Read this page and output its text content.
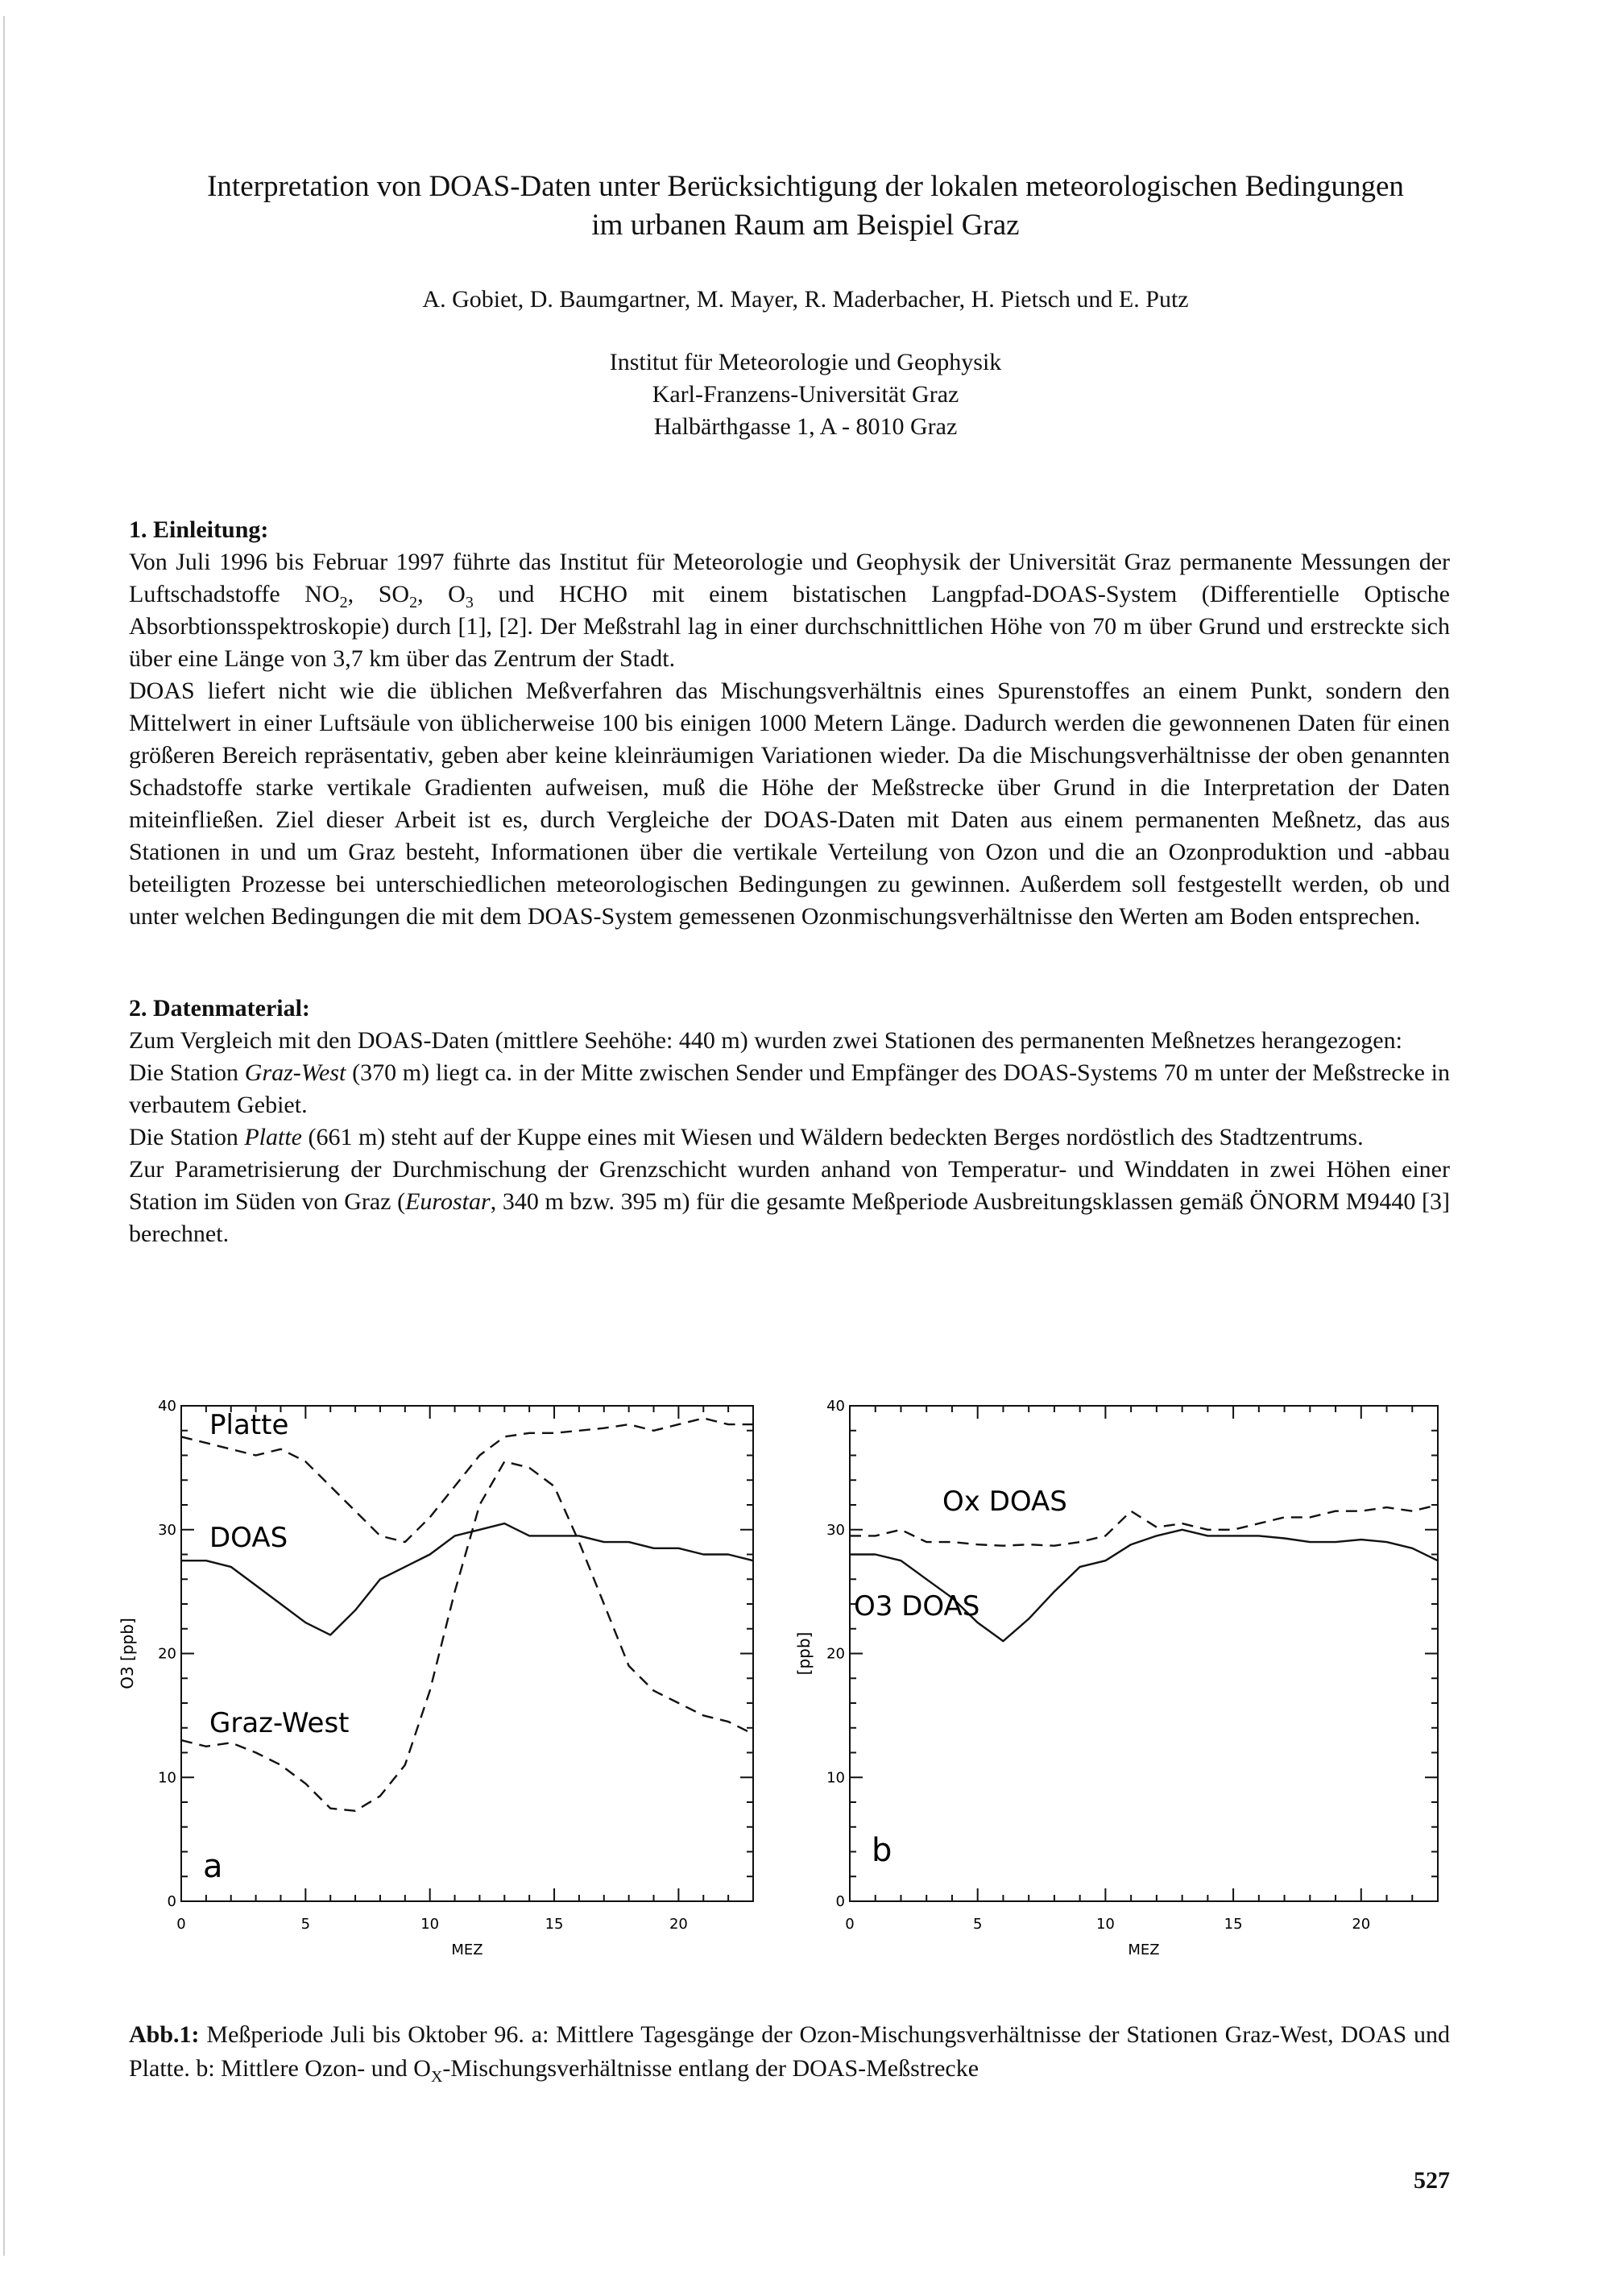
Interpretation von DOAS-Daten unter Berücksichtigung der lokalen meteorologischen Bedingungen
im urbanen Raum am Beispiel Graz
A. Gobiet, D. Baumgartner, M. Mayer, R. Maderbacher, H. Pietsch und E. Putz
Institut für Meteorologie und Geophysik
Karl-Franzens-Universität Graz
Halbärthgasse 1, A - 8010 Graz
1. Einleitung:

Von Juli 1996 bis Februar 1997 führte das Institut für Meteorologie und Geophysik der Universität Graz permanente Messungen der Luftschadstoffe $NO_2$, $SO_2$, $O_3$ und HCHO mit einem bistatischen Langpfad-DOAS-System (Differentielle Optische Absorbtionsspektroskopie) durch [1], [2]. Der Meßstrahl lag in einer durchschnittlichen Höhe von 70 m über Grund und erstreckte sich über eine Länge von 3,7 km über das Zentrum der Stadt.

DOAS liefert nicht wie die üblichen Meßverfahren das Mischungsverhältnis eines Spurenstoffes an einem Punkt, sondern den Mittelwert in einer Luftsäule von üblicherweise 100 bis einigen 1000 Metern Länge. Dadurch werden die gewonnenen Daten für einen größeren Bereich repräsentativ, geben aber keine kleinräumigen Variationen wieder. Da die Mischungsverhältnisse der oben genannten Schadstoffe starke vertikale Gradienten aufweisen, muß die Höhe der Meßstrecke über Grund in die Interpretation der Daten miteinfließen. Ziel dieser Arbeit ist es, durch Vergleiche der DOAS-Daten mit Daten aus einem permanenten Meßnetz, das aus Stationen in und um Graz besteht, Informationen über die vertikale Verteilung von Ozon und die an Ozonproduktion und -abbau beteiligten Prozesse bei unterschiedlichen meteorologischen Bedingungen zu gewinnen. Außerdem soll festgestellt werden, ob und unter welchen Bedingungen die mit dem DOAS-System gemessenen Ozonmischungsverhältnisse den Werten am Boden entsprechen.

2. Datenmaterial:

Zum Vergleich mit den DOAS-Daten (mittlere Seehöhe: 440 m) wurden zwei Stationen des permanenten Meßnetzes herangezogen:

Die Station Graz-West (370 m) liegt ca. in der Mitte zwischen Sender und Empfänger des DOAS-Systems 70 m unter der Meßstrecke in verbautem Gebiet.

Die Station Platte (661 m) steht auf der Kuppe eines mit Wiesen und Wäldern bedeckten Berges nordöstlich des Stadtzentrums.

Zur Parametrisierung der Durchmischung der Grenzschicht wurden anhand von Temperatur- und Winddaten in zwei Höhen einer Station im Süden von Graz (Eurostar, 340 m bzw. 395 m) für die gesamte Meßperiode Ausbreitungsklassen gemäß ÖNORM M9440 [3] berechnet.

0
10
20
30
40
0	5	10	15	20
MEZ
O3 [ppb]
Platte
DOAS
Graz-West
a
0
10
20
30
40
0	5	10	15	20
MEZ
[ppb]
Ox DOAS
O3 DOAS
b
Abb.1: Meßperiode Juli bis Oktober 96. a: Mittlere Tagesgänge der Ozon-Mischungsverhältnisse der Stationen Graz-West, DOAS und Platte. b: Mittlere Ozon- und $O_X$-Mischungsverhältnisse entlang der DOAS-Meßstrecke
527
